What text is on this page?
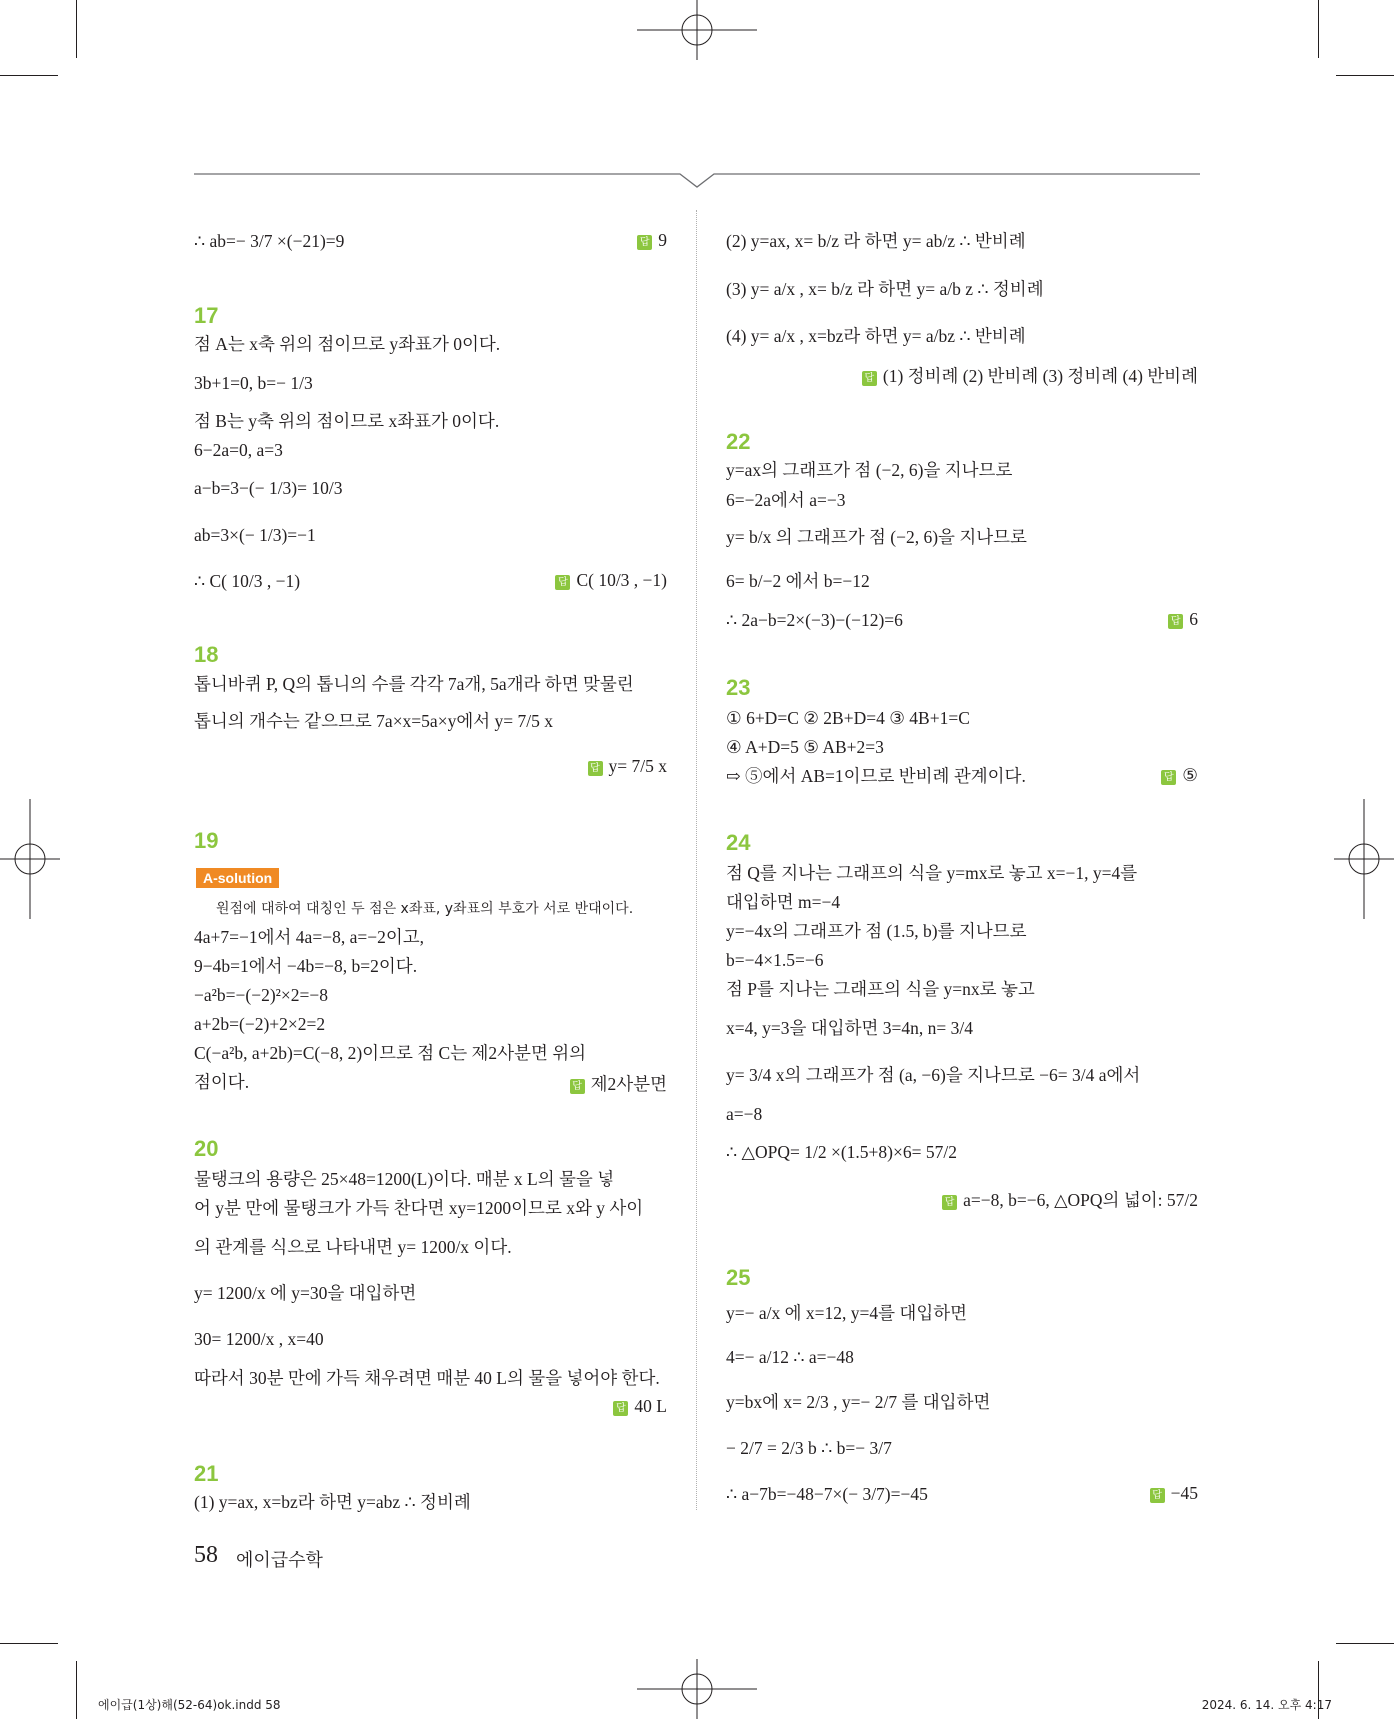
∴ ab=− 3/7 ×(−21)=9	답 9
17
점 A는 x축 위의 점이므로 y좌표가 0이다.
3b+1=0, b=− 1/3
점 B는 y축 위의 점이므로 x좌표가 0이다.
6−2a=0, a=3
a−b=3−(− 1/3)= 10/3
ab=3×(− 1/3)=−1
∴ C( 10/3 , −1)	답 C( 10/3 , −1)
18
톱니바퀴 P, Q의 톱니의 수를 각각 7a개, 5a개라 하면 맞물린
톱니의 개수는 같으므로 7a×x=5a×y에서 y= 7/5 x
답 y= 7/5 x
19
A-solution
원점에 대하여 대칭인 두 점은 x좌표, y좌표의 부호가 서로 반대이다.
4a+7=−1에서 4a=−8, a=−2이고,
9−4b=1에서 −4b=−8, b=2이다.
−a²b=−(−2)²×2=−8
a+2b=(−2)+2×2=2
C(−a²b, a+2b)=C(−8, 2)이므로 점 C는 제2사분면 위의
점이다.	답 제2사분면
20
물탱크의 용량은 25×48=1200(L)이다. 매분 x L의 물을 넣
어 y분 만에 물탱크가 가득 찬다면 xy=1200이므로 x와 y 사이
의 관계를 식으로 나타내면 y= 1200/x 이다.
y= 1200/x 에 y=30을 대입하면
30= 1200/x , x=40
따라서 30분 만에 가득 채우려면 매분 40 L의 물을 넣어야 한다.
답 40 L
21
(1) y=ax, x=bz라 하면 y=abz ∴ 정비례
(2) y=ax, x= b/z 라 하면 y= ab/z ∴ 반비례
(3) y= a/x , x= b/z 라 하면 y= a/b z ∴ 정비례
(4) y= a/x , x=bz라 하면 y= a/bz ∴ 반비례
답 (1) 정비례 (2) 반비례 (3) 정비례 (4) 반비례
22
y=ax의 그래프가 점 (−2, 6)을 지나므로
6=−2a에서 a=−3
y= b/x 의 그래프가 점 (−2, 6)을 지나므로
6= b/−2 에서 b=−12
∴ 2a−b=2×(−3)−(−12)=6	답 6
23
① 6+D=C ② 2B+D=4 ③ 4B+1=C
④ A+D=5 ⑤ AB+2=3
⇨ ⑤에서 AB=1이므로 반비례 관계이다.	답 ⑤
24
점 Q를 지나는 그래프의 식을 y=mx로 놓고 x=−1, y=4를
대입하면 m=−4
y=−4x의 그래프가 점 (1.5, b)를 지나므로
b=−4×1.5=−6
점 P를 지나는 그래프의 식을 y=nx로 놓고
x=4, y=3을 대입하면 3=4n, n= 3/4
y= 3/4 x의 그래프가 점 (a, −6)을 지나므로 −6= 3/4 a에서
a=−8
∴ △OPQ= 1/2 ×(1.5+8)×6= 57/2
답 a=−8, b=−6, △OPQ의 넓이: 57/2
25
y=− a/x 에 x=12, y=4를 대입하면
4=− a/12 ∴ a=−48
y=bx에 x= 2/3 , y=− 2/7 를 대입하면
− 2/7 = 2/3 b ∴ b=− 3/7
∴ a−7b=−48−7×(− 3/7)=−45	답 −45
58 에이급수학
에이급(1상)해(52-64)ok.indd 58	2024. 6. 14. 오후 4:17
